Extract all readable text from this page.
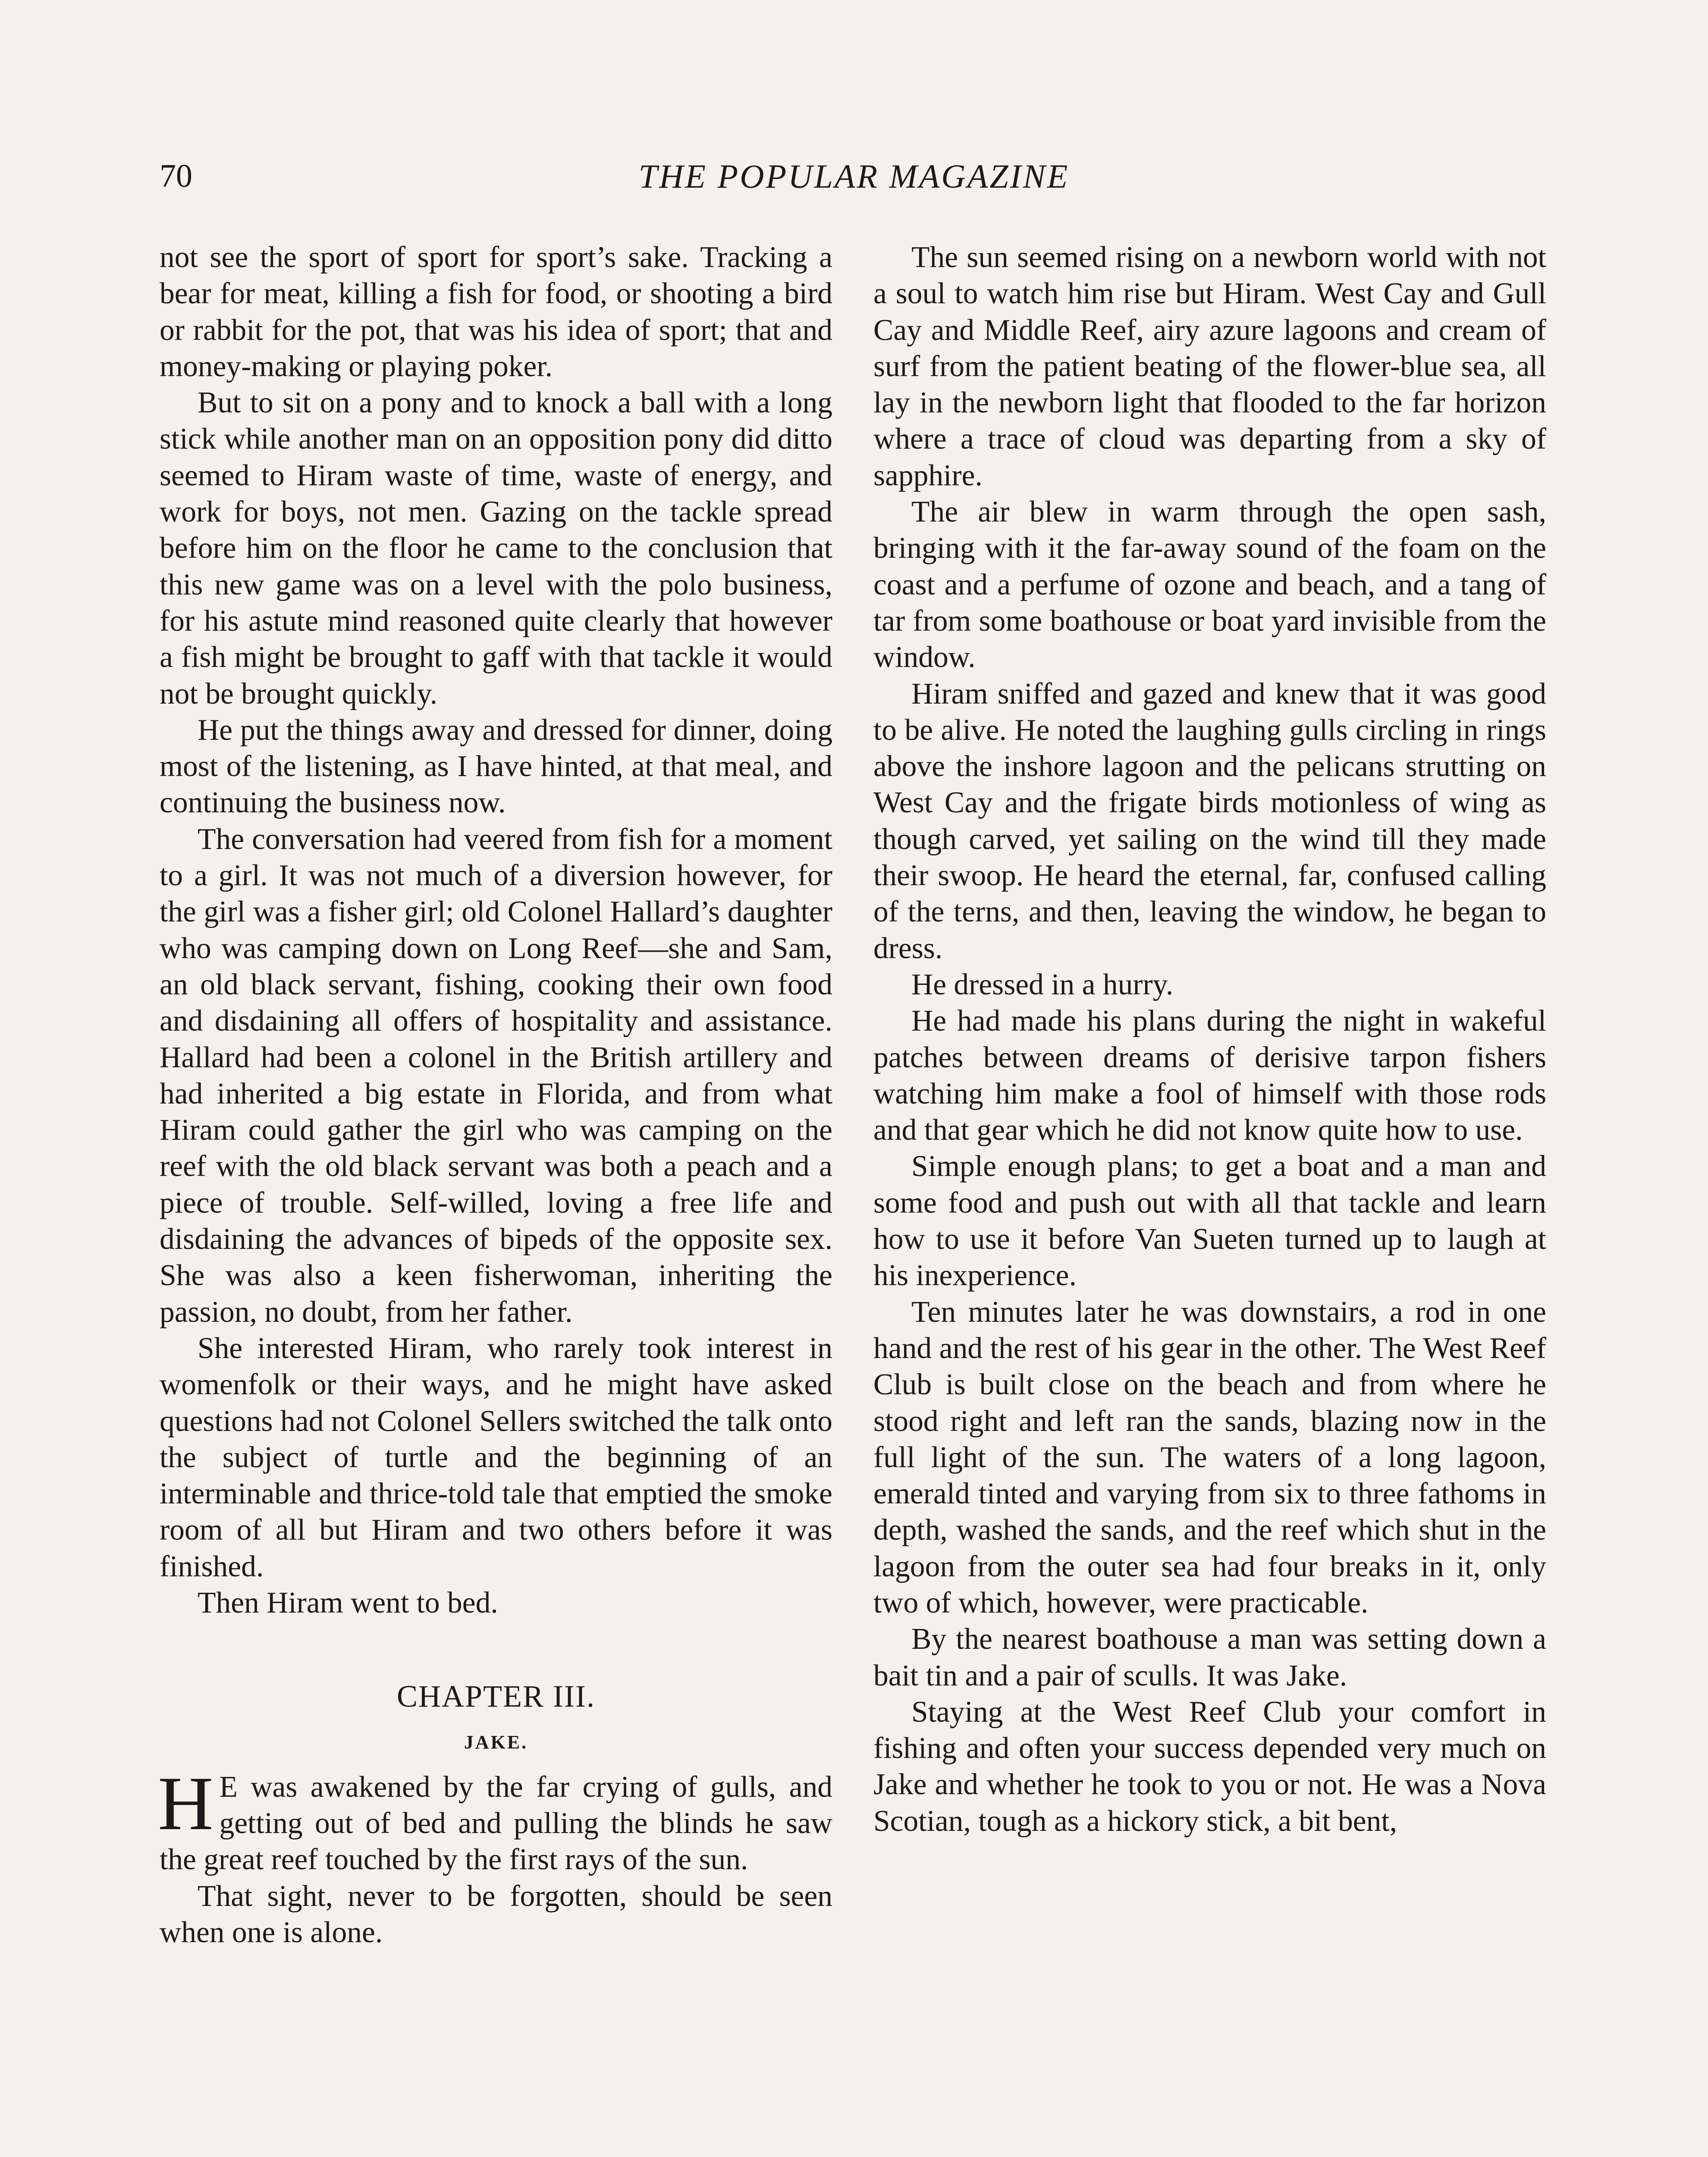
70	THE POPULAR MAGAZINE

not see the sport of sport for sport’s sake. Tracking a bear for meat, killing a fish for food, or shooting a bird or rabbit for the pot, that was his idea of sport; that and money-making or playing poker.

But to sit on a pony and to knock a ball with a long stick while another man on an opposition pony did ditto seemed to Hiram waste of time, waste of energy, and work for boys, not men. Gazing on the tackle spread before him on the floor he came to the conclusion that this new game was on a level with the polo business, for his astute mind reasoned quite clearly that however a fish might be brought to gaff with that tackle it would not be brought quickly.

He put the things away and dressed for dinner, doing most of the listening, as I have hinted, at that meal, and continuing the business now.

The conversation had veered from fish for a moment to a girl. It was not much of a diversion however, for the girl was a fisher girl; old Colonel Hallard’s daughter who was camping down on Long Reef—she and Sam, an old black servant, fishing, cooking their own food and disdaining all offers of hospitality and assistance. Hallard had been a colonel in the British artillery and had inherited a big estate in Florida, and from what Hiram could gather the girl who was camping on the reef with the old black servant was both a peach and a piece of trouble. Self-willed, loving a free life and disdaining the advances of bipeds of the opposite sex. She was also a keen fisherwoman, inheriting the passion, no doubt, from her father.

She interested Hiram, who rarely took interest in womenfolk or their ways, and he might have asked questions had not Colonel Sellers switched the talk onto the subject of turtle and the beginning of an interminable and thrice-told tale that emptied the smoke room of all but Hiram and two others before it was finished.

Then Hiram went to bed.

CHAPTER III.
JAKE.

H E was awakened by the far crying of gulls, and getting out of bed and pulling the blinds he saw the great reef touched by the first rays of the sun.

That sight, never to be forgotten, should be seen when one is alone.

The sun seemed rising on a newborn world with not a soul to watch him rise but Hiram. West Cay and Gull Cay and Middle Reef, airy azure lagoons and cream of surf from the patient beating of the flower-blue sea, all lay in the newborn light that flooded to the far horizon where a trace of cloud was departing from a sky of sapphire.

The air blew in warm through the open sash, bringing with it the far-away sound of the foam on the coast and a perfume of ozone and beach, and a tang of tar from some boathouse or boat yard invisible from the window.

Hiram sniffed and gazed and knew that it was good to be alive. He noted the laughing gulls circling in rings above the inshore lagoon and the pelicans strutting on West Cay and the frigate birds motionless of wing as though carved, yet sailing on the wind till they made their swoop. He heard the eternal, far, confused calling of the terns, and then, leaving the window, he began to dress.

He dressed in a hurry.

He had made his plans during the night in wakeful patches between dreams of derisive tarpon fishers watching him make a fool of himself with those rods and that gear which he did not know quite how to use.

Simple enough plans; to get a boat and a man and some food and push out with all that tackle and learn how to use it before Van Sueten turned up to laugh at his inexperience.

Ten minutes later he was downstairs, a rod in one hand and the rest of his gear in the other. The West Reef Club is built close on the beach and from where he stood right and left ran the sands, blazing now in the full light of the sun. The waters of a long lagoon, emerald tinted and varying from six to three fathoms in depth, washed the sands, and the reef which shut in the lagoon from the outer sea had four breaks in it, only two of which, however, were practicable.

By the nearest boathouse a man was setting down a bait tin and a pair of sculls. It was Jake.

Staying at the West Reef Club your comfort in fishing and often your success depended very much on Jake and whether he took to you or not. He was a Nova Scotian, tough as a hickory stick, a bit bent,
